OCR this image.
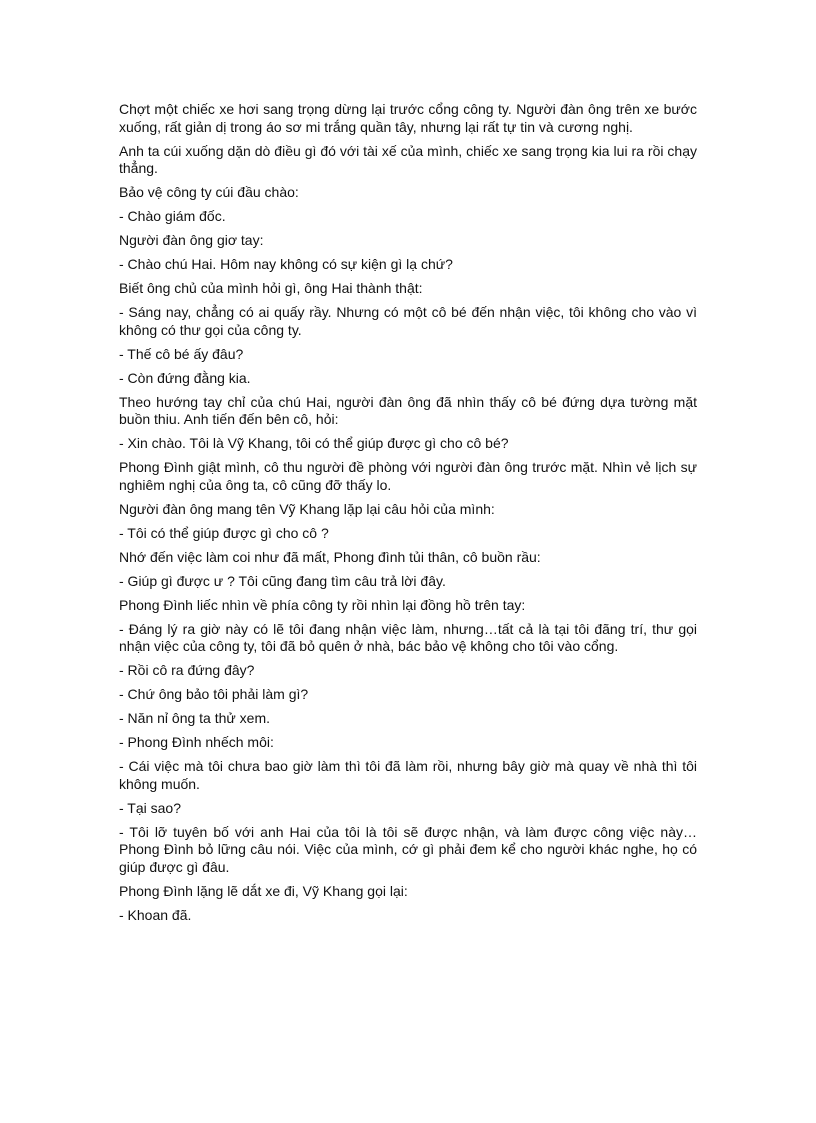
Chợt một chiếc xe hơi sang trọng dừng lại trước cổng công ty. Người đàn ông trên xe bước xuống, rất giản dị trong áo sơ mi trắng quần tây, nhưng lại rất tự tin và cương nghị.

Anh ta cúi xuống dặn dò điều gì đó với tài xế của mình, chiếc xe sang trọng kia lui ra rồi chạy thẳng.

Bảo vệ công ty cúi đầu chào:

- Chào giám đốc.

Người đàn ông giơ tay:

- Chào chú Hai. Hôm nay không có sự kiện gì lạ chứ?

Biết ông chủ của mình hỏi gì, ông Hai thành thật:

- Sáng nay, chẳng có ai quấy rầy. Nhưng có một cô bé đến nhận việc, tôi không cho vào vì không có thư gọi của công ty.

- Thế cô bé ấy đâu?

- Còn đứng đằng kia.

Theo hướng tay chỉ của chú Hai, người đàn ông đã nhìn thấy cô bé đứng dựa tường mặt buồn thiu. Anh tiến đến bên cô, hỏi:

- Xin chào. Tôi là Vỹ Khang, tôi có thể giúp được gì cho cô bé?

Phong Đình giật mình, cô thu người đề phòng với người đàn ông trước mặt. Nhìn vẻ lịch sự nghiêm nghị của ông ta, cô cũng đỡ thấy lo.

Người đàn ông mang tên Vỹ Khang lặp lại câu hỏi của mình:

- Tôi có thể giúp được gì cho cô ?

Nhớ đến việc làm coi như đã mất, Phong đình tủi thân, cô buồn rầu:

- Giúp gì được ư ? Tôi cũng đang tìm câu trả lời đây.

Phong Đình liếc nhìn về phía công ty rồi nhìn lại đồng hồ trên tay:

- Đáng lý ra giờ này có lẽ tôi đang nhận việc làm, nhưng…tất cả là tại tôi đãng trí, thư gọi nhận việc của công ty, tôi đã bỏ quên ở nhà, bác bảo vệ không cho tôi vào cổng.

- Rồi cô ra đứng đây?

- Chứ ông bảo tôi phải làm gì?

- Năn nỉ ông ta thử xem.

- Phong Đình nhếch môi:

- Cái việc mà tôi chưa bao giờ làm thì tôi đã làm rồi, nhưng bây giờ mà quay về nhà thì tôi không muốn.

- Tại sao?

- Tôi lỡ tuyên bố với anh Hai của tôi là tôi sẽ được nhận, và làm được công việc này… Phong Đình bỏ lững câu nói. Việc của mình, cớ gì phải đem kể cho người khác nghe, họ có giúp được gì đâu.

Phong Đình lặng lẽ dắt xe đi, Vỹ Khang gọi lại:

- Khoan đã.
